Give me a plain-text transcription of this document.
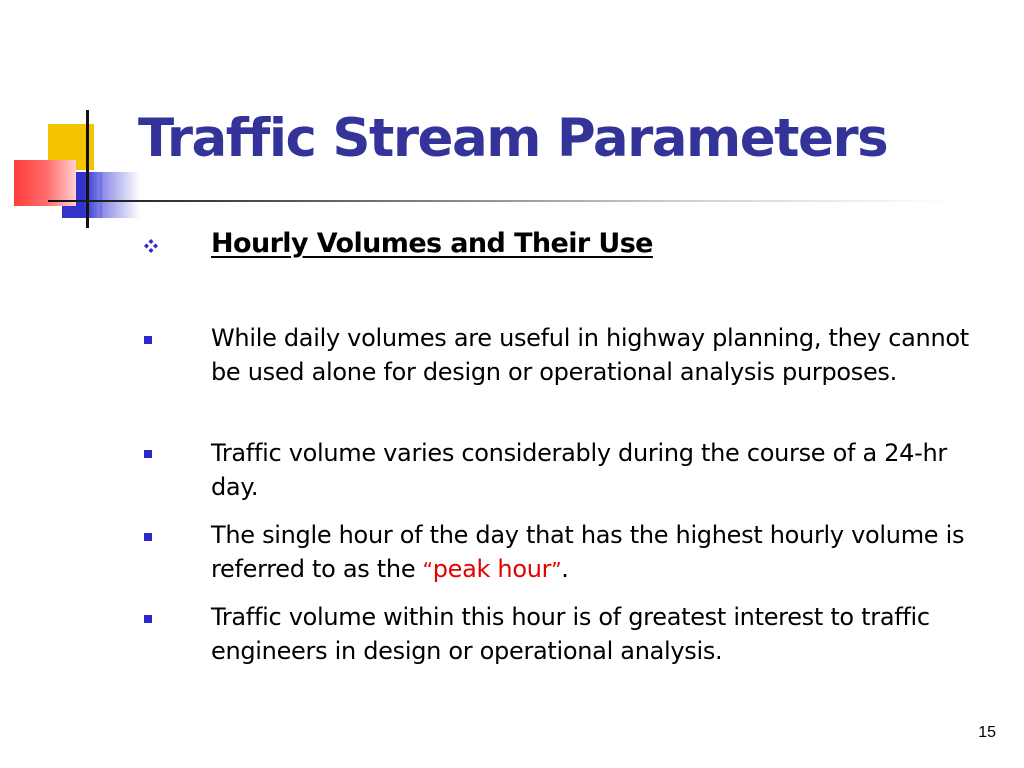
Traffic Stream Parameters
Hourly Volumes and Their Use
While daily volumes are useful in highway planning, they cannot be used alone for design or operational analysis purposes.
Traffic volume varies considerably during the course of a 24-hr day.
The single hour of the day that has the highest hourly volume is referred to as the “peak hour”.
Traffic volume within this hour is of greatest interest to traffic engineers in design or operational analysis.
15
